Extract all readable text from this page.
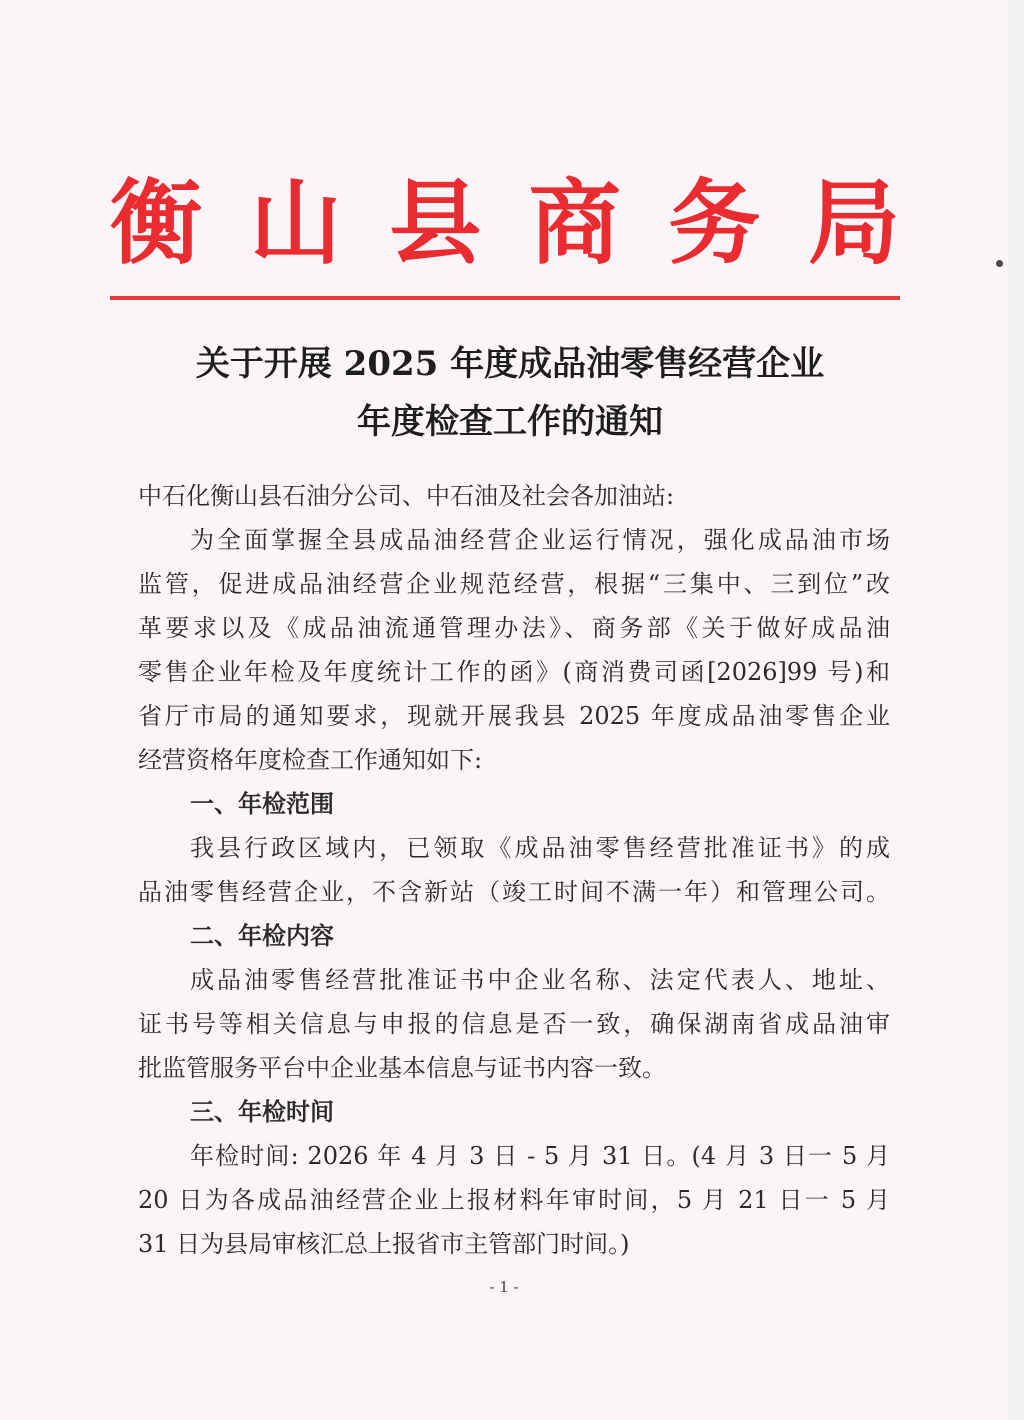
衡 山 县 商 务 局
关于开展 2025 年度成品油零售经营企业
年度检查工作的通知
中石化衡山县石油分公司、中石油及社会各加油站:
为全面掌握全县成品油经营企业运行情况，强化成品油市场
监管，促进成品油经营企业规范经营，根据“三集中、三到位”改
革要求以及《成品油流通管理办法》、商务部《关于做好成品油
零售企业年检及年度统计工作的函》(商消费司函[2026]99 号)和
省厅市局的通知要求，现就开展我县 2025 年度成品油零售企业
经营资格年度检查工作通知如下:
一、年检范围
我县行政区域内，已领取《成品油零售经营批准证书》的成
品油零售经营企业，不含新站（竣工时间不满一年）和管理公司。
二、年检内容
成品油零售经营批准证书中企业名称、法定代表人、地址、
证书号等相关信息与申报的信息是否一致，确保湖南省成品油审
批监管服务平台中企业基本信息与证书内容一致。
三、年检时间
年检时间: 2026 年 4 月 3 日 - 5 月 31 日。(4 月 3 日一 5 月
20 日为各成品油经营企业上报材料年审时间，5 月 21 日一 5 月
31 日为县局审核汇总上报省市主管部门时间。)
- 1 -
